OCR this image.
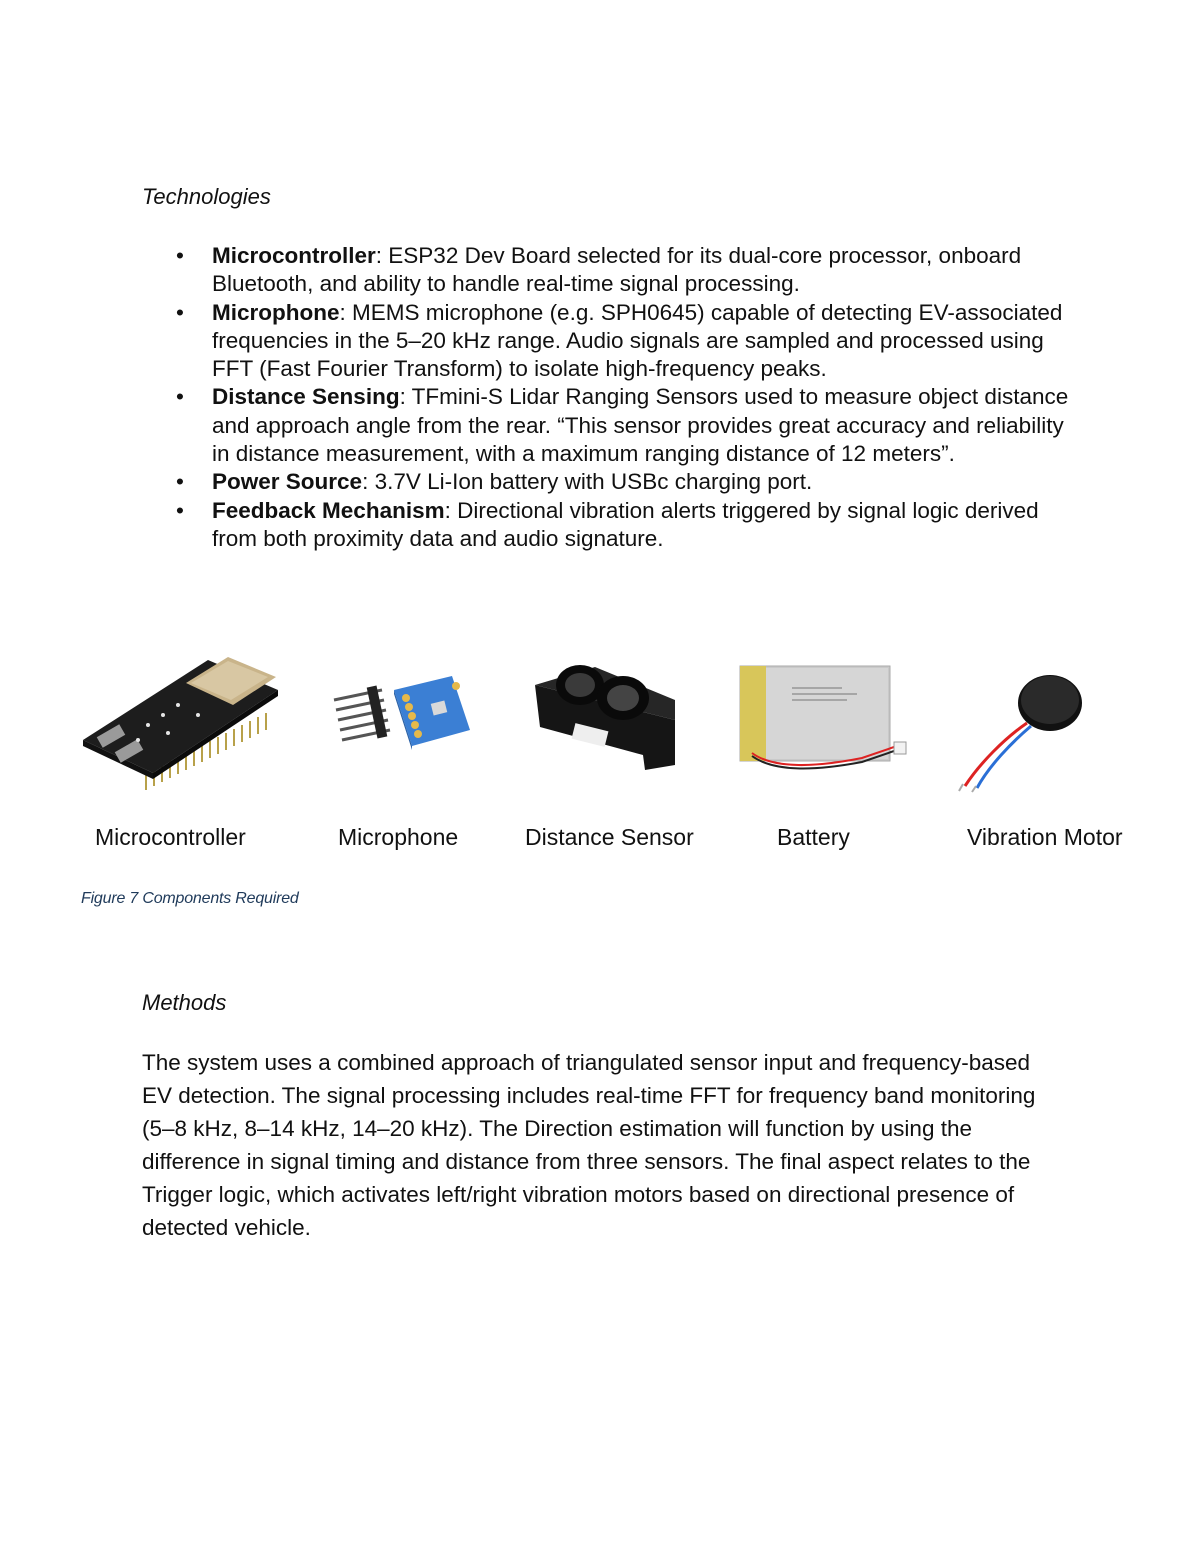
Technologies
• Microcontroller: ESP32 Dev Board selected for its dual-core processor, onboard Bluetooth, and ability to handle real-time signal processing.
• Microphone: MEMS microphone (e.g. SPH0645) capable of detecting EV-associated frequencies in the 5–20 kHz range. Audio signals are sampled and processed using FFT (Fast Fourier Transform) to isolate high-frequency peaks.
• Distance Sensing: TFmini-S Lidar Ranging Sensors used to measure object distance and approach angle from the rear. “This sensor provides great accuracy and reliability in distance measurement, with a maximum ranging distance of 12 meters”.
• Power Source: 3.7V Li-Ion battery with USBc charging port.
• Feedback Mechanism: Directional vibration alerts triggered by signal logic derived from both proximity data and audio signature.
Microcontroller	Microphone	Distance Sensor	Battery	Vibration Motor
Figure 7 Components Required
Methods

The system uses a combined approach of triangulated sensor input and frequency-based EV detection. The signal processing includes real-time FFT for frequency band monitoring (5–8 kHz, 8–14 kHz, 14–20 kHz). The Direction estimation will function by using the difference in signal timing and distance from three sensors. The final aspect relates to the Trigger logic, which activates left/right vibration motors based on directional presence of detected vehicle.
